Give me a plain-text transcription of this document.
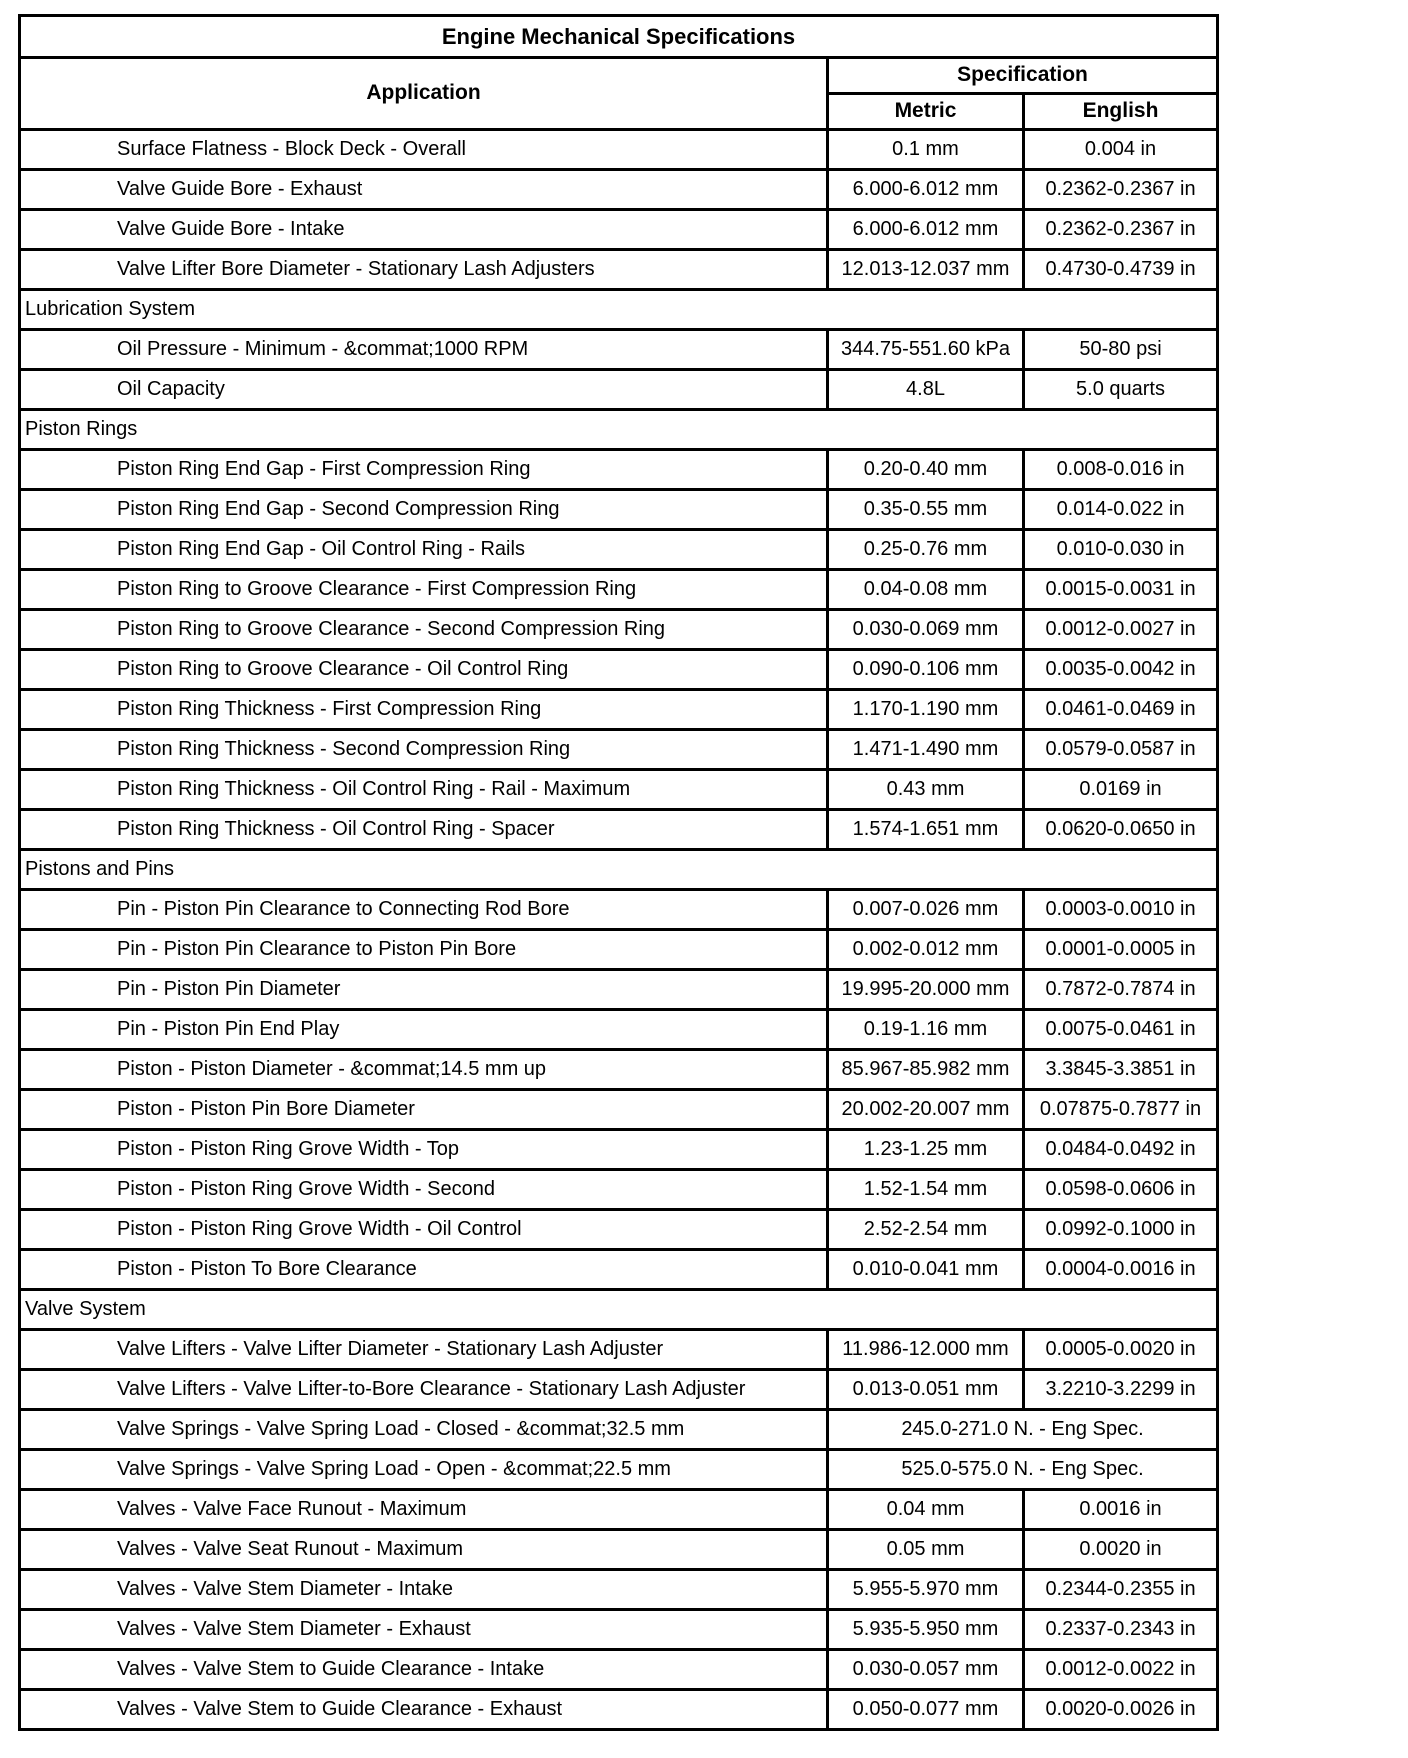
Engine Mechanical Specifications		
Application	Specification	
	Metric	English
Surface Flatness - Block Deck - Overall	0.1 mm	0.004 in
Valve Guide Bore - Exhaust	6.000-6.012 mm	0.2362-0.2367 in
Valve Guide Bore - Intake	6.000-6.012 mm	0.2362-0.2367 in
Valve Lifter Bore Diameter - Stationary Lash Adjusters	12.013-12.037 mm	0.4730-0.4739 in
Lubrication System		
Oil Pressure - Minimum - &commat;1000 RPM	344.75-551.60 kPa	50-80 psi
Oil Capacity	4.8L	5.0 quarts
Piston Rings		
Piston Ring End Gap - First Compression Ring	0.20-0.40 mm	0.008-0.016 in
Piston Ring End Gap - Second Compression Ring	0.35-0.55 mm	0.014-0.022 in
Piston Ring End Gap - Oil Control Ring - Rails	0.25-0.76 mm	0.010-0.030 in
Piston Ring to Groove Clearance - First Compression Ring	0.04-0.08 mm	0.0015-0.0031 in
Piston Ring to Groove Clearance - Second Compression Ring	0.030-0.069 mm	0.0012-0.0027 in
Piston Ring to Groove Clearance - Oil Control Ring	0.090-0.106 mm	0.0035-0.0042 in
Piston Ring Thickness - First Compression Ring	1.170-1.190 mm	0.0461-0.0469 in
Piston Ring Thickness - Second Compression Ring	1.471-1.490 mm	0.0579-0.0587 in
Piston Ring Thickness - Oil Control Ring - Rail - Maximum	0.43 mm	0.0169 in
Piston Ring Thickness - Oil Control Ring - Spacer	1.574-1.651 mm	0.0620-0.0650 in
Pistons and Pins		
Pin - Piston Pin Clearance to Connecting Rod Bore	0.007-0.026 mm	0.0003-0.0010 in
Pin - Piston Pin Clearance to Piston Pin Bore	0.002-0.012 mm	0.0001-0.0005 in
Pin - Piston Pin Diameter	19.995-20.000 mm	0.7872-0.7874 in
Pin - Piston Pin End Play	0.19-1.16 mm	0.0075-0.0461 in
Piston - Piston Diameter - &commat;14.5 mm up	85.967-85.982 mm	3.3845-3.3851 in
Piston - Piston Pin Bore Diameter	20.002-20.007 mm	0.07875-0.7877 in
Piston - Piston Ring Grove Width - Top	1.23-1.25 mm	0.0484-0.0492 in
Piston - Piston Ring Grove Width - Second	1.52-1.54 mm	0.0598-0.0606 in
Piston - Piston Ring Grove Width - Oil Control	2.52-2.54 mm	0.0992-0.1000 in
Piston - Piston To Bore Clearance	0.010-0.041 mm	0.0004-0.0016 in
Valve System		
Valve Lifters - Valve Lifter Diameter - Stationary Lash Adjuster	11.986-12.000 mm	0.0005-0.0020 in
Valve Lifters - Valve Lifter-to-Bore Clearance - Stationary Lash Adjuster	0.013-0.051 mm	3.2210-3.2299 in
Valve Springs - Valve Spring Load - Closed - &commat;32.5 mm	245.0-271.0 N. - Eng Spec.	
Valve Springs - Valve Spring Load - Open - &commat;22.5 mm	525.0-575.0 N. - Eng Spec.	
Valves - Valve Face Runout - Maximum	0.04 mm	0.0016 in
Valves - Valve Seat Runout - Maximum	0.05 mm	0.0020 in
Valves - Valve Stem Diameter - Intake	5.955-5.970 mm	0.2344-0.2355 in
Valves - Valve Stem Diameter - Exhaust	5.935-5.950 mm	0.2337-0.2343 in
Valves - Valve Stem to Guide Clearance - Intake	0.030-0.057 mm	0.0012-0.0022 in
Valves - Valve Stem to Guide Clearance - Exhaust	0.050-0.077 mm	0.0020-0.0026 in
